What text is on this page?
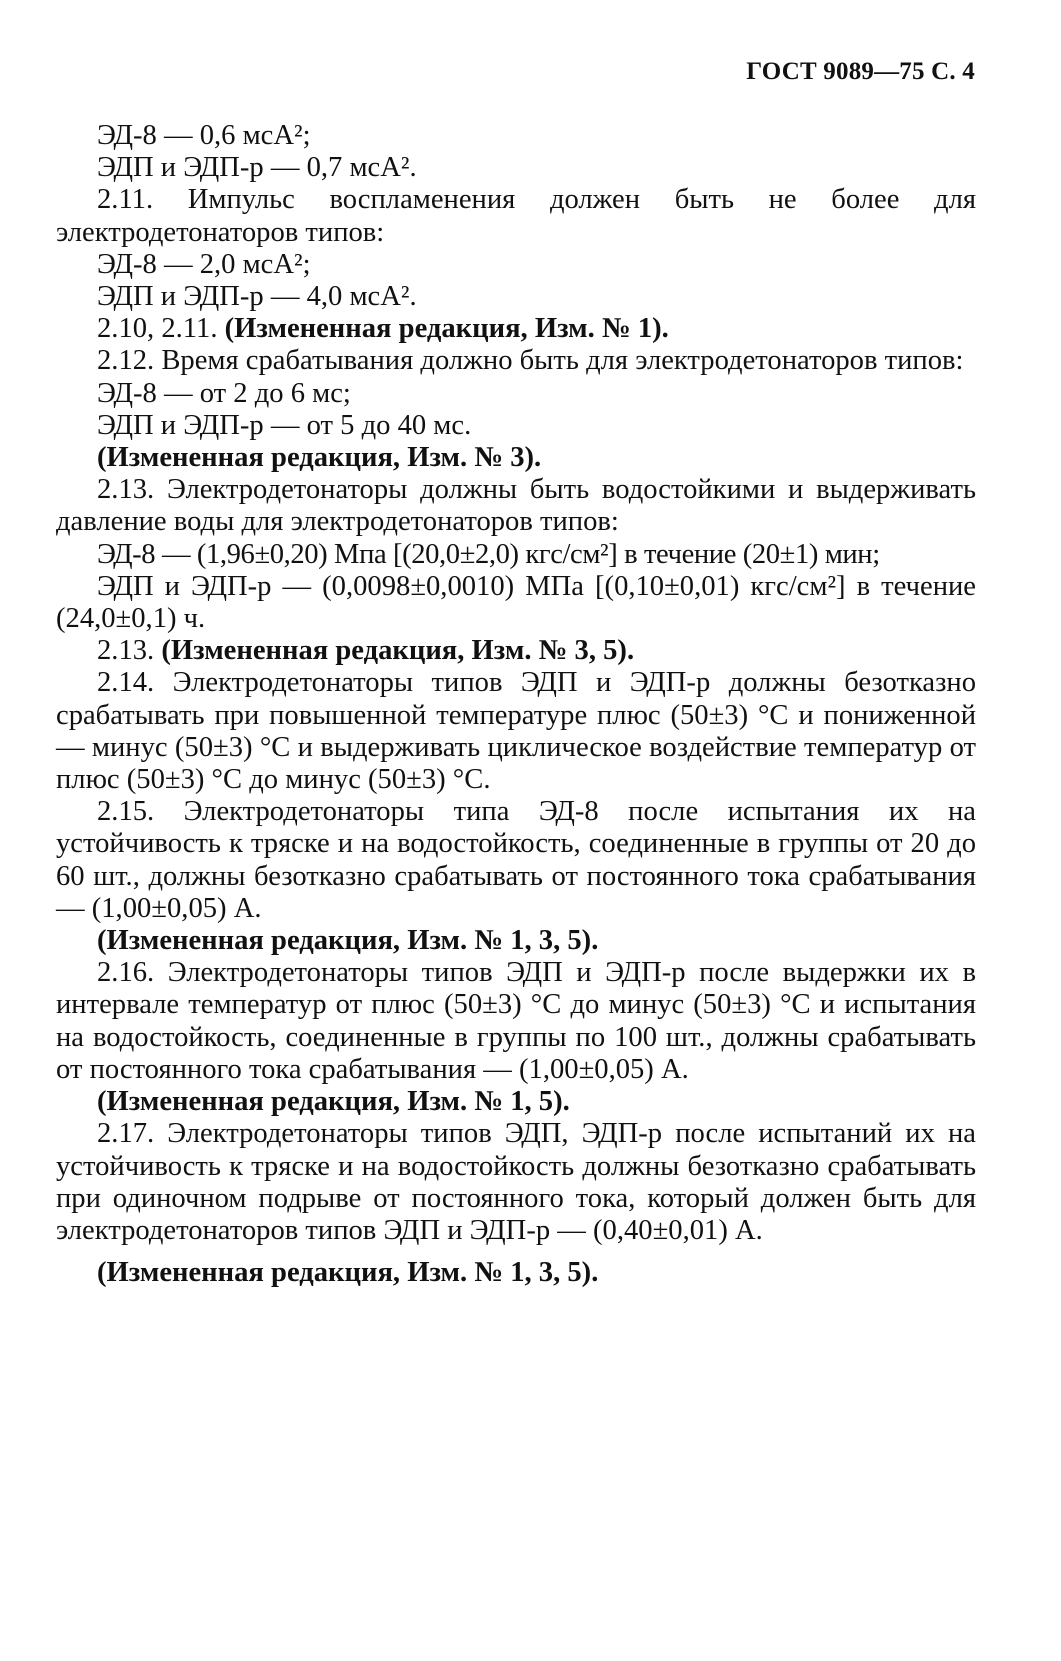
ГОСТ 9089—75 С. 4

ЭД-8 — 0,6 мсА²;

ЭДП и ЭДП-р — 0,7 мсА².

2.11. Импульс воспламенения должен быть не более для электродетонаторов типов:

ЭД-8 — 2,0 мсА²;

ЭДП и ЭДП-р — 4,0 мсА².

2.10, 2.11. (Измененная редакция, Изм. № 1).

2.12. Время срабатывания должно быть для электродетонаторов типов:

ЭД-8 — от 2 до 6 мс;

ЭДП и ЭДП-р — от 5 до 40 мс.

(Измененная редакция, Изм. № 3).

2.13. Электродетонаторы должны быть водостойкими и выдерживать давление воды для электродетонаторов типов:

ЭД-8 — (1,96±0,20) Мпа [(20,0±2,0) кгс/см²] в течение (20±1) мин;

ЭДП и ЭДП-р — (0,0098±0,0010) МПа [(0,10±0,01) кгс/см²] в течение (24,0±0,1) ч.

2.13. (Измененная редакция, Изм. № 3, 5).

2.14. Электродетонаторы типов ЭДП и ЭДП-р должны безотказно срабатывать при повышенной температуре плюс (50±3) °С и пониженной — минус (50±3) °С и выдерживать циклическое воздействие температур от плюс (50±3) °С до минус (50±3) °С.

2.15. Электродетонаторы типа ЭД-8 после испытания их на устойчивость к тряске и на водостойкость, соединенные в группы от 20 до 60 шт., должны безотказно срабатывать от постоянного тока срабатывания — (1,00±0,05) А.

(Измененная редакция, Изм. № 1, 3, 5).

2.16. Электродетонаторы типов ЭДП и ЭДП-р после выдержки их в интервале температур от плюс (50±3) °С до минус (50±3) °С и испытания на водостойкость, соединенные в группы по 100 шт., должны срабатывать от постоянного тока срабатывания — (1,00±0,05) А.

(Измененная редакция, Изм. № 1, 5).

2.17. Электродетонаторы типов ЭДП, ЭДП-р после испытаний их на устойчивость к тряске и на водостойкость должны безотказно срабатывать при одиночном подрыве от постоянного тока, который должен быть для электродетонаторов типов ЭДП и ЭДП-р — (0,40±0,01) А.

(Измененная редакция, Изм. № 1, 3, 5).
